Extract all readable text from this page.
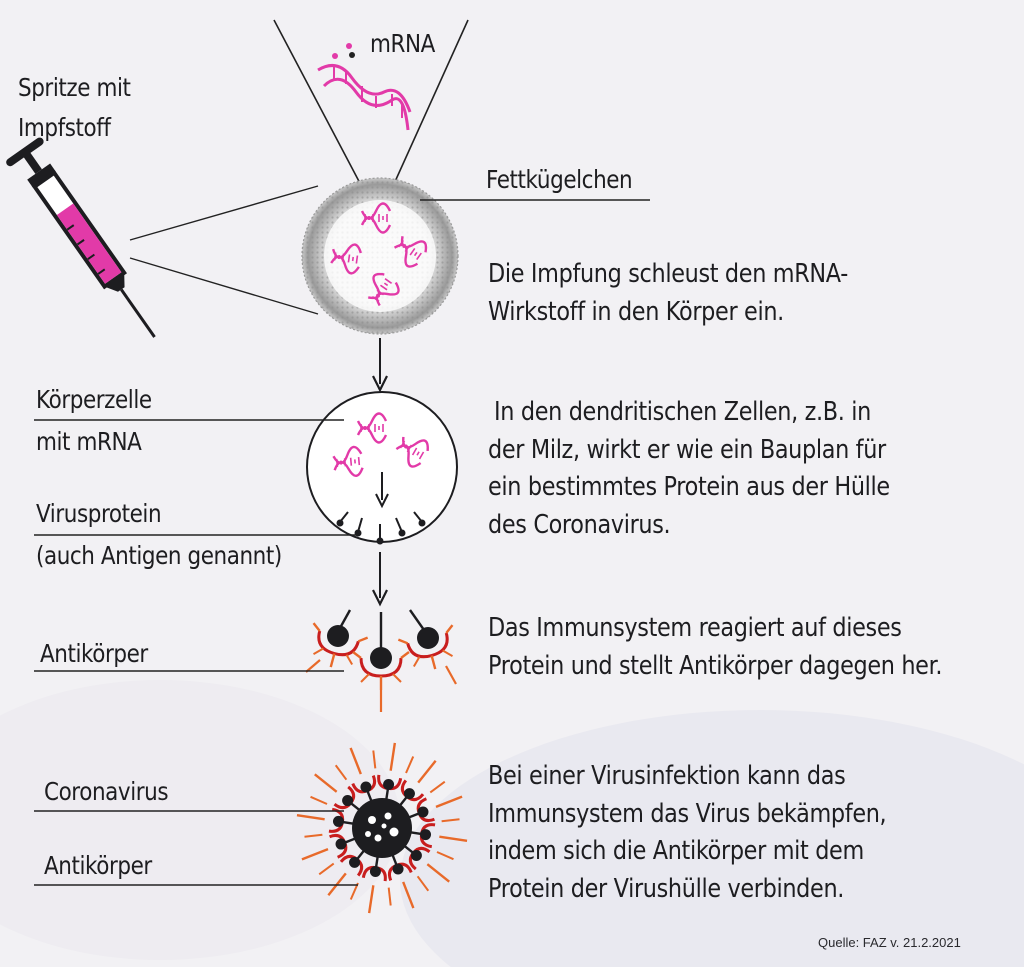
mRNA
Spritze mit
Impfstoff
Fettkügelchen
Körperzelle
mit mRNA
Virusprotein
(auch Antigen genannt)
Antikörper
Coronavirus
Antikörper
Die Impfung schleust den mRNA-
Wirkstoff in den Körper ein.
In den dendritischen Zellen, z.B. in
der Milz, wirkt er wie ein Bauplan für
ein bestimmtes Protein aus der Hülle
des Coronavirus.
Das Immunsystem reagiert auf dieses
Protein und stellt Antikörper dagegen her.
Bei einer Virusinfektion kann das
Immunsystem das Virus bekämpfen,
indem sich die Antikörper mit dem
Protein der Virushülle verbinden.
Quelle: FAZ v. 21.2.2021
